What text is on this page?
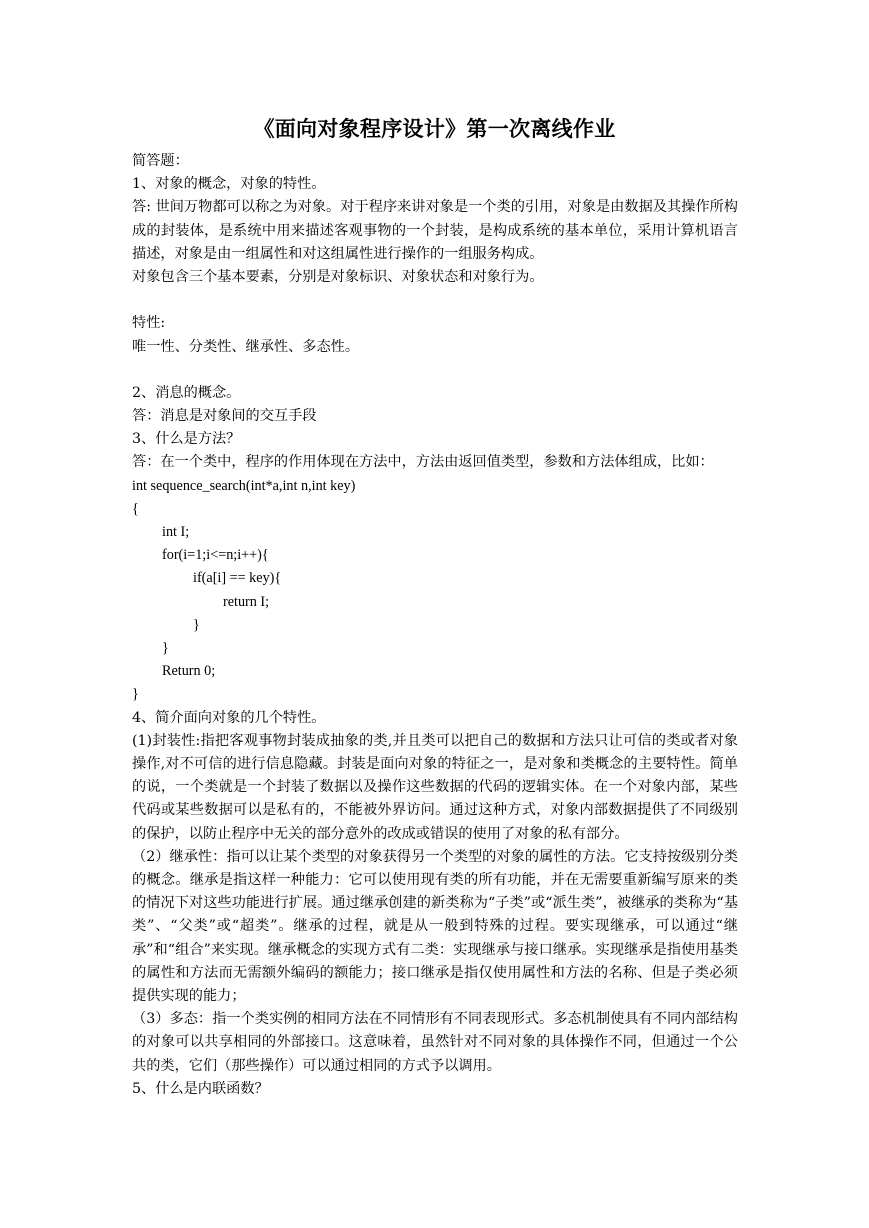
《面向对象程序设计》第一次离线作业
简答题：
1、对象的概念，对象的特性。
答: 世间万物都可以称之为对象。对于程序来讲对象是一个类的引用，对象是由数据及其操作所构成的封装体，是系统中用来描述客观事物的一个封装，是构成系统的基本单位，采用计算机语言描述，对象是由一组属性和对这组属性进行操作的一组服务构成。
对象包含三个基本要素，分别是对象标识、对象状态和对象行为。
特性:
唯一性、分类性、继承性、多态性。
2、消息的概念。
答：消息是对象间的交互手段
3、什么是方法？
答：在一个类中，程序的作用体现在方法中，方法由返回值类型，参数和方法体组成，比如：
int sequence_search(int*a,int n,int key)
{
int I;
for(i=1;i<=n;i++){
if(a[i] == key){
return I;
}
}
Return 0;
}
4、简介面向对象的几个特性。
(1)封装性:指把客观事物封装成抽象的类,并且类可以把自己的数据和方法只让可信的类或者对象操作,对不可信的进行信息隐藏。封装是面向对象的特征之一，是对象和类概念的主要特性。简单的说，一个类就是一个封装了数据以及操作这些数据的代码的逻辑实体。在一个对象内部，某些代码或某些数据可以是私有的，不能被外界访问。通过这种方式，对象内部数据提供了不同级别的保护，以防止程序中无关的部分意外的改成或错误的使用了对象的私有部分。
（2）继承性：指可以让某个类型的对象获得另一个类型的对象的属性的方法。它支持按级别分类的概念。继承是指这样一种能力：它可以使用现有类的所有功能，并在无需要重新编写原来的类的情况下对这些功能进行扩展。通过继承创建的新类称为“子类”或“派生类”，被继承的类称为“基类”、“父类”或“超类”。继承的过程，就是从一般到特殊的过程。要实现继承，可以通过“继承”和“组合”来实现。继承概念的实现方式有二类：实现继承与接口继承。实现继承是指使用基类的属性和方法而无需额外编码的额能力；接口继承是指仅使用属性和方法的名称、但是子类必须提供实现的能力；
（3）多态：指一个类实例的相同方法在不同情形有不同表现形式。多态机制使具有不同内部结构的对象可以共享相同的外部接口。这意味着，虽然针对不同对象的具体操作不同，但通过一个公共的类，它们（那些操作）可以通过相同的方式予以调用。
5、什么是内联函数？
